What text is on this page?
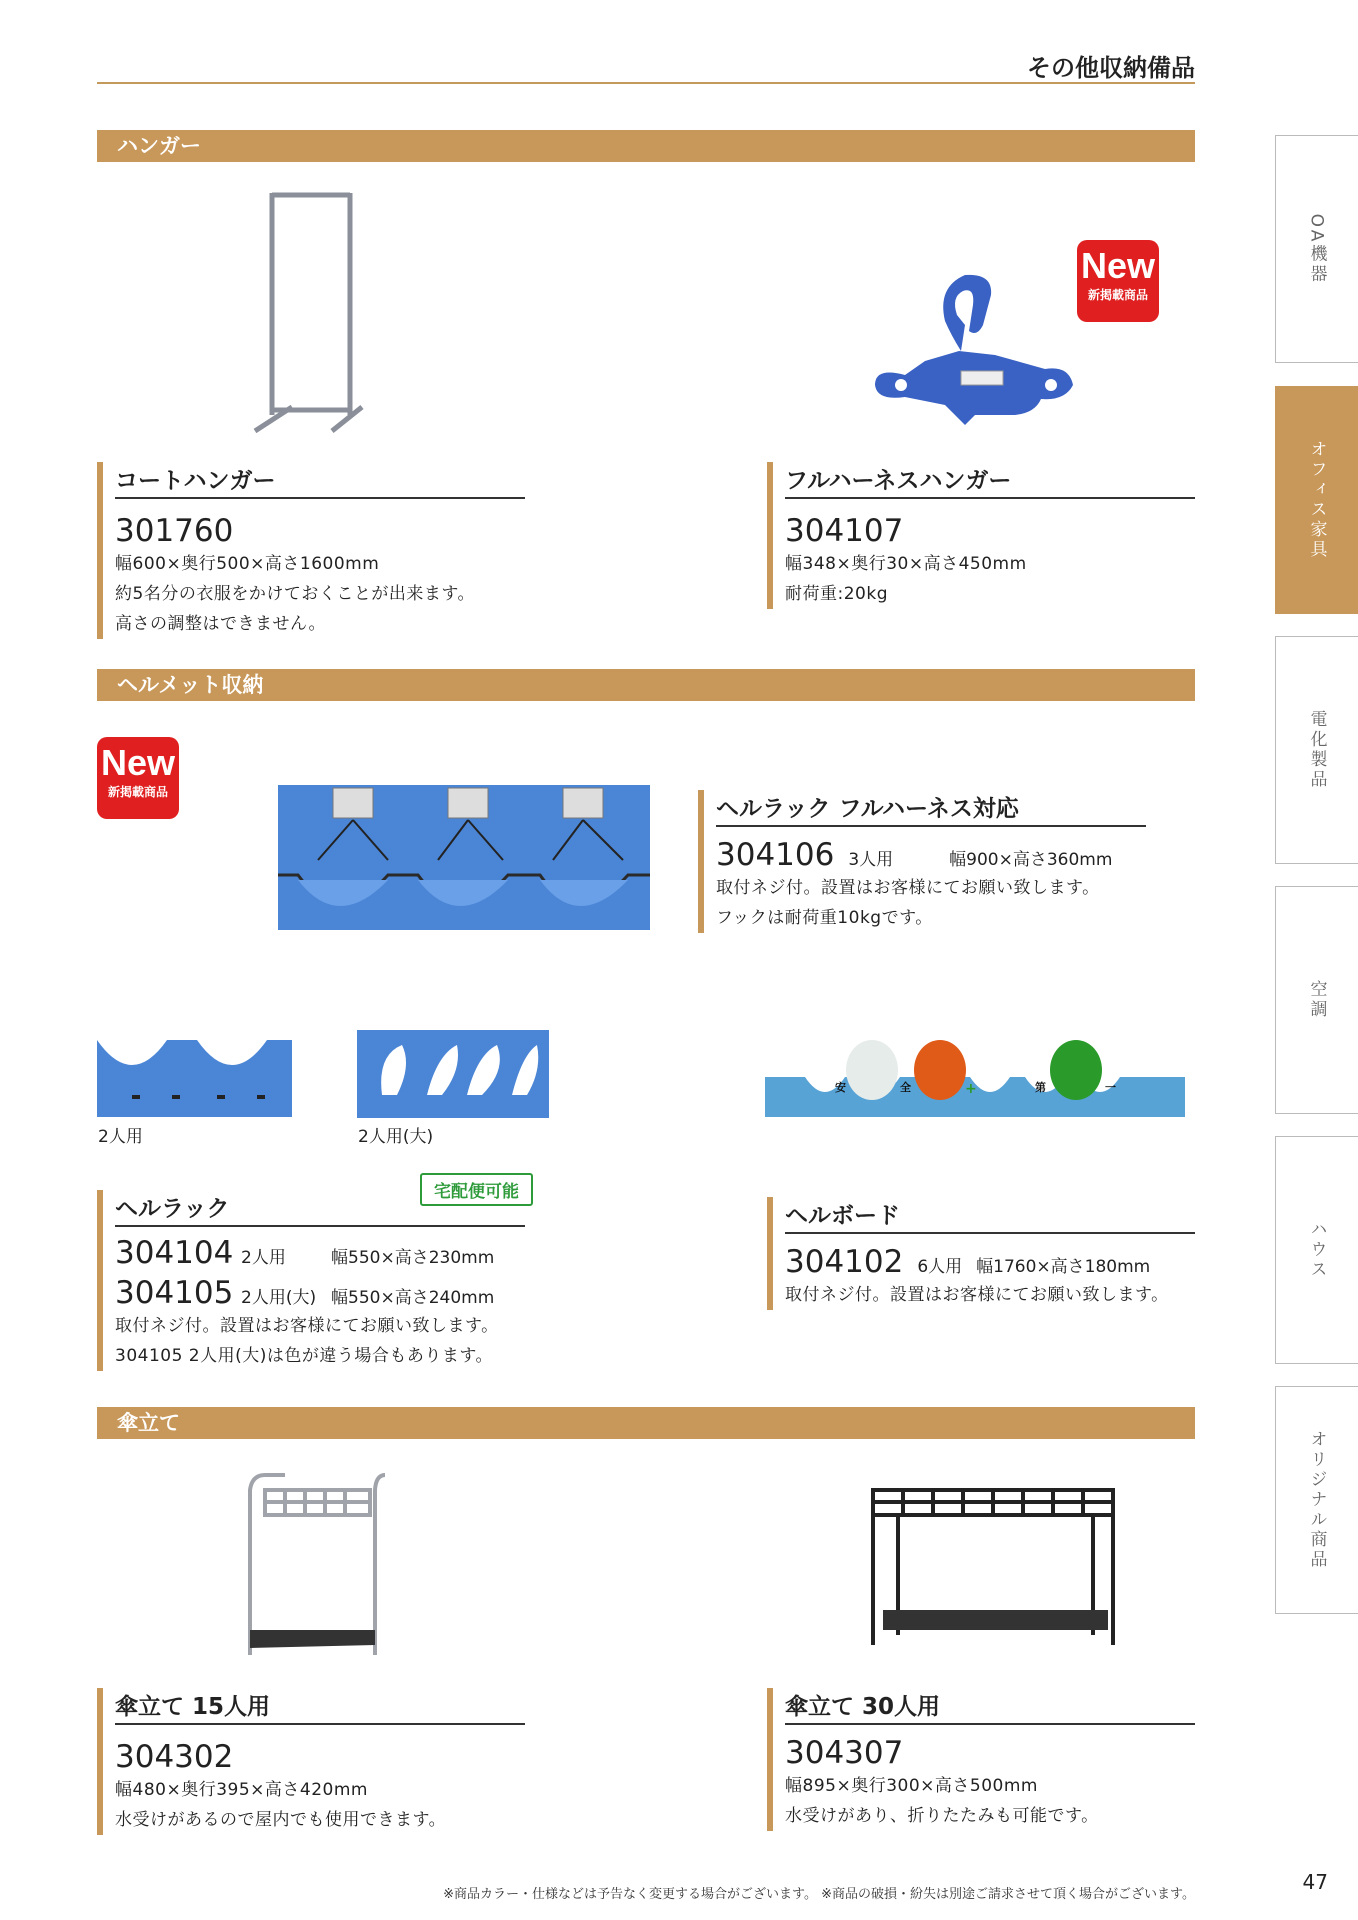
その他収納備品
ハンガー
New
新掲載商品
コートハンガー
301760
幅600×奥行500×高さ1600mm
約5名分の衣服をかけておくことが出来ます。
高さの調整はできません。
フルハーネスハンガー
304107
幅348×奥行30×高さ450mm
耐荷重:20kg
ヘルメット収納
New
新掲載商品
ヘルラック フルハーネス対応
304106 3人用	幅900×高さ360mm
取付ネジ付。設置はお客様にてお願い致します。
フックは耐荷重10kgです。
2人用	2人用(大)
安	全	+	第	一
宅配便可能
ヘルラック
304104 2人用	幅550×高さ230mm
304105 2人用(大) 幅550×高さ240mm
取付ネジ付。設置はお客様にてお願い致します。
304105 2人用(大)は色が違う場合もあります。
ヘルボード
304102 6人用 幅1760×高さ180mm
取付ネジ付。設置はお客様にてお願い致します。
傘立て
傘立て 15人用
304302
幅480×奥行395×高さ420mm
水受けがあるので屋内でも使用できます。
傘立て 30人用
304307
幅895×奥行300×高さ500mm
水受けがあり、折りたたみも可能です。
OA機器
オフィス家具
電化製品
空調
ハウス
オリジナル商品
※商品カラー・仕様などは予告なく変更する場合がございます。 ※商品の破損・紛失は別途ご請求させて頂く場合がございます。
47
